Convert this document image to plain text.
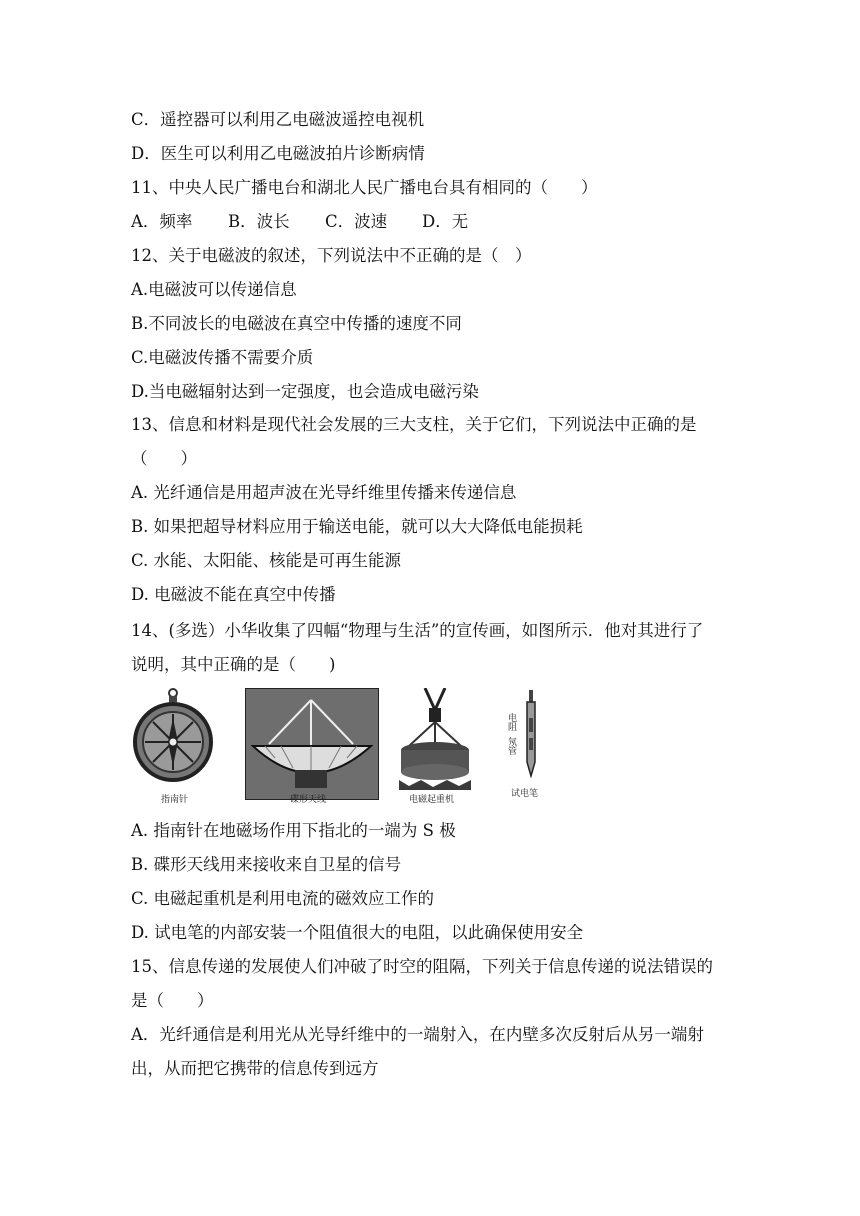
C．遥控器可以利用乙电磁波遥控电视机
D．医生可以利用乙电磁波拍片诊断病情
11、中央人民广播电台和湖北人民广播电台具有相同的（　　）
A．频率 B．波长 C．波速 D．无
12、关于电磁波的叙述，下列说法中不正确的是（　）
A.电磁波可以传递信息
B.不同波长的电磁波在真空中传播的速度不同
C.电磁波传播不需要介质
D.当电磁辐射达到一定强度，也会造成电磁污染
13、信息和材料是现代社会发展的三大支柱，关于它们，下列说法中正确的是
（　　）
A. 光纤通信是用超声波在光导纤维里传播来传递信息
B. 如果把超导材料应用于输送电能，就可以大大降低电能损耗
C. 水能、太阳能、核能是可再生能源
D. 电磁波不能在真空中传播
14、(多选）小华收集了四幅“物理与生活”的宣传画，如图所示．他对其进行了
说明，其中正确的是（　　)
指南针	碟形天线	电磁起重机
电阻
氖管
试电笔
A. 指南针在地磁场作用下指北的一端为 S 极
B. 碟形天线用来接收来自卫星的信号
C. 电磁起重机是利用电流的磁效应工作的
D. 试电笔的内部安装一个阻值很大的电阻，以此确保使用安全
15、信息传递的发展使人们冲破了时空的阻隔，下列关于信息传递的说法错误的
是（　　）
A．光纤通信是利用光从光导纤维中的一端射入，在内壁多次反射后从另一端射
出，从而把它携带的信息传到远方
